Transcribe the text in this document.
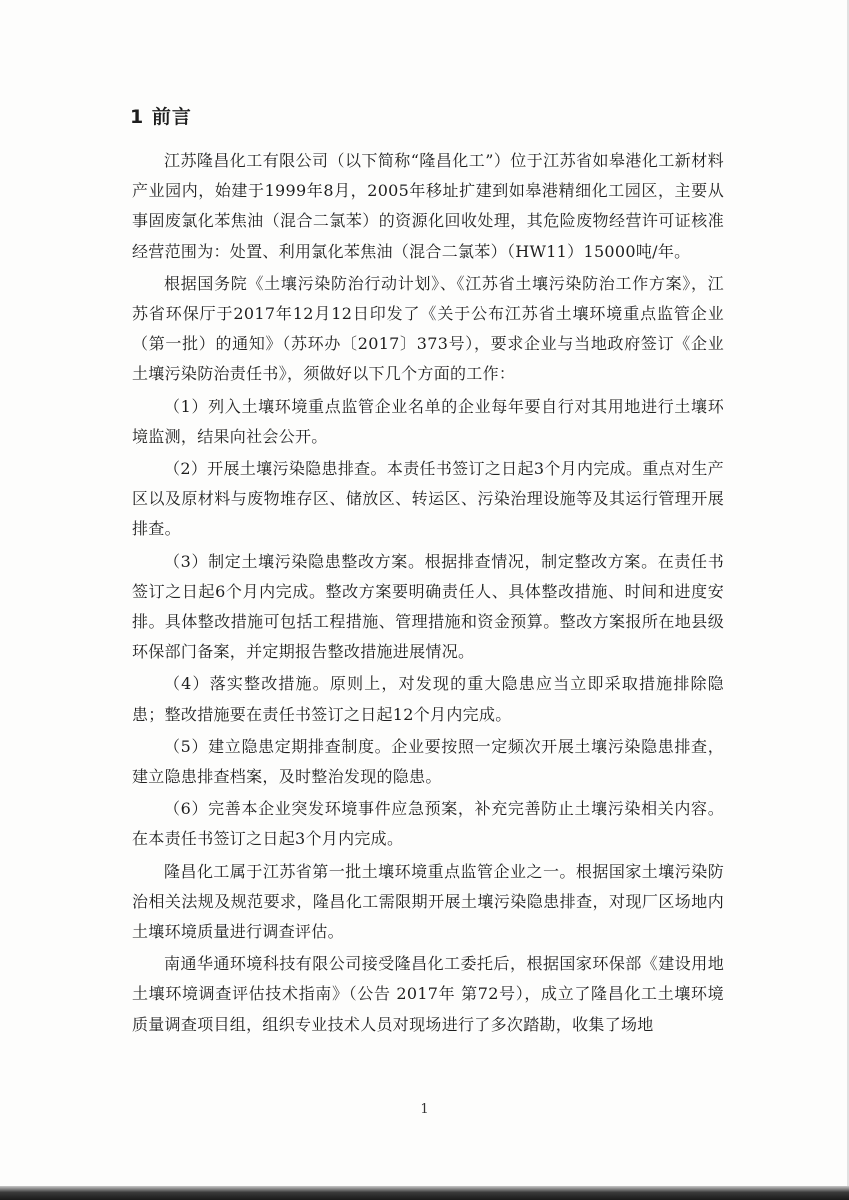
1 前言

江苏隆昌化工有限公司（以下简称“隆昌化工”）位于江苏省如皋港化工新材料产业园内，始建于1999年8月，2005年移址扩建到如皋港精细化工园区，主要从事固废氯化苯焦油（混合二氯苯）的资源化回收处理，其危险废物经营许可证核准经营范围为：处置、利用氯化苯焦油（混合二氯苯）（HW11）15000吨/年。

根据国务院《土壤污染防治行动计划》、《江苏省土壤污染防治工作方案》，江苏省环保厅于2017年12月12日印发了《关于公布江苏省土壤环境重点监管企业（第一批）的通知》（苏环办〔2017〕373号），要求企业与当地政府签订《企业土壤污染防治责任书》，须做好以下几个方面的工作：

（1）列入土壤环境重点监管企业名单的企业每年要自行对其用地进行土壤环境监测，结果向社会公开。

（2）开展土壤污染隐患排查。本责任书签订之日起3个月内完成。重点对生产区以及原材料与废物堆存区、储放区、转运区、污染治理设施等及其运行管理开展排查。

（3）制定土壤污染隐患整改方案。根据排查情况，制定整改方案。在责任书签订之日起6个月内完成。整改方案要明确责任人、具体整改措施、时间和进度安排。具体整改措施可包括工程措施、管理措施和资金预算。整改方案报所在地县级环保部门备案，并定期报告整改措施进展情况。

（4）落实整改措施。原则上，对发现的重大隐患应当立即采取措施排除隐患；整改措施要在责任书签订之日起12个月内完成。

（5）建立隐患定期排查制度。企业要按照一定频次开展土壤污染隐患排查，建立隐患排查档案，及时整治发现的隐患。

（6）完善本企业突发环境事件应急预案，补充完善防止土壤污染相关内容。在本责任书签订之日起3个月内完成。

隆昌化工属于江苏省第一批土壤环境重点监管企业之一。根据国家土壤污染防治相关法规及规范要求，隆昌化工需限期开展土壤污染隐患排查，对现厂区场地内土壤环境质量进行调查评估。

南通华通环境科技有限公司接受隆昌化工委托后，根据国家环保部《建设用地土壤环境调查评估技术指南》（公告 2017年 第72号），成立了隆昌化工土壤环境质量调查项目组，组织专业技术人员对现场进行了多次踏勘，收集了场地

1
